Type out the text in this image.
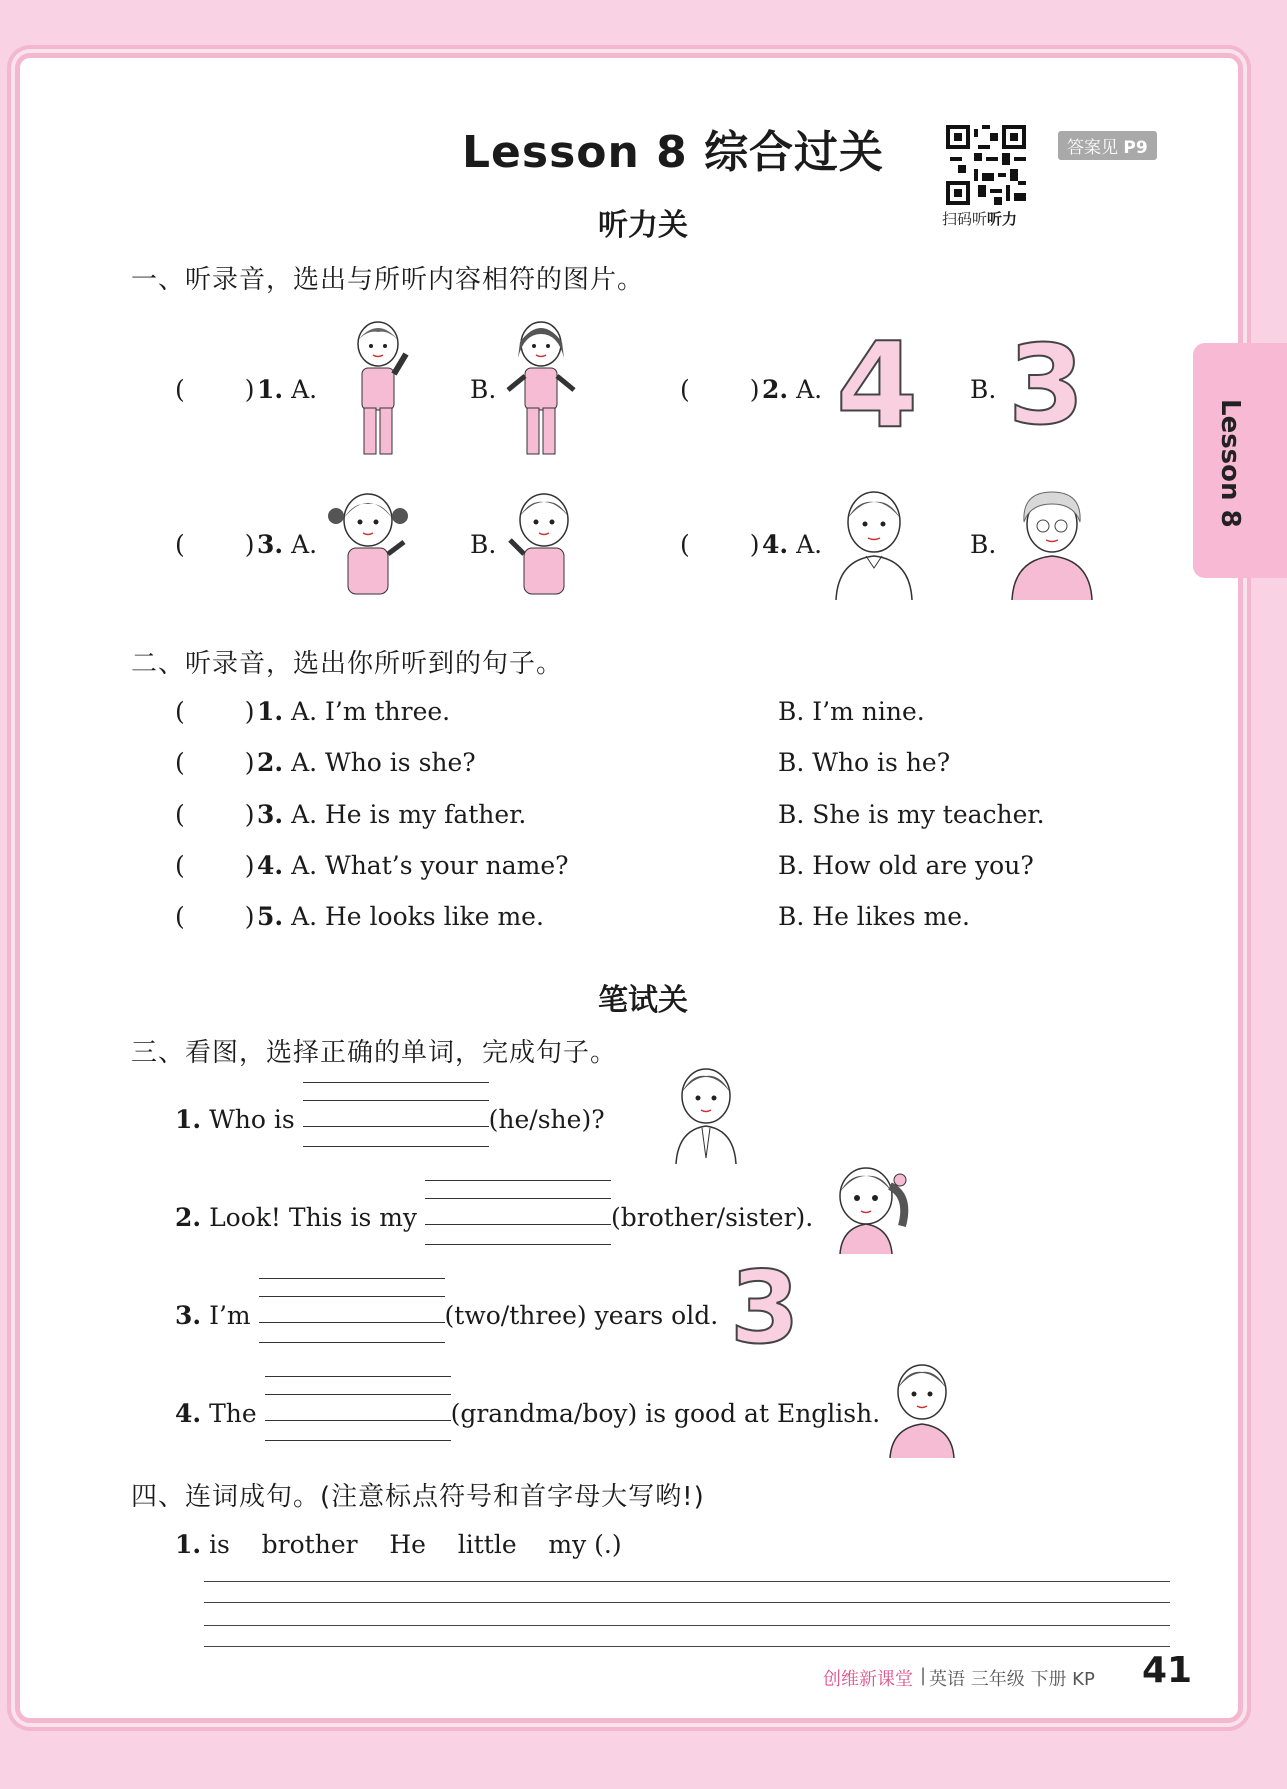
Lesson 8 综合过关
扫码听听力
答案见 P9
Lesson 8
听力关
一、听录音，选出与所听内容相符的图片。
( )1. A.	B.	( )2. A.	B.
( )3. A.	B.	( )4. A.	B.
4 3
二、听录音，选出你所听到的句子。
( )1. A. I’m three.	B. I’m nine.
( )2. A. Who is she?	B. Who is he?
( )3. A. He is my father.	B. She is my teacher.
( )4. A. What’s your name?	B. How old are you?
( )5. A. He looks like me.	B. He likes me.
笔试关
三、看图，选择正确的单词，完成句子。
1. Who is	(he/she)?
2. Look! This is my	(brother/sister).
3. I’m	(two/three) years old.
4. The	(grandma/boy) is good at English.
3
四、连词成句。(注意标点符号和首字母大写哟!)
1. is    brother    He    little    my (.)
创维新课堂 | 英语 三年级 下册 KP 41
